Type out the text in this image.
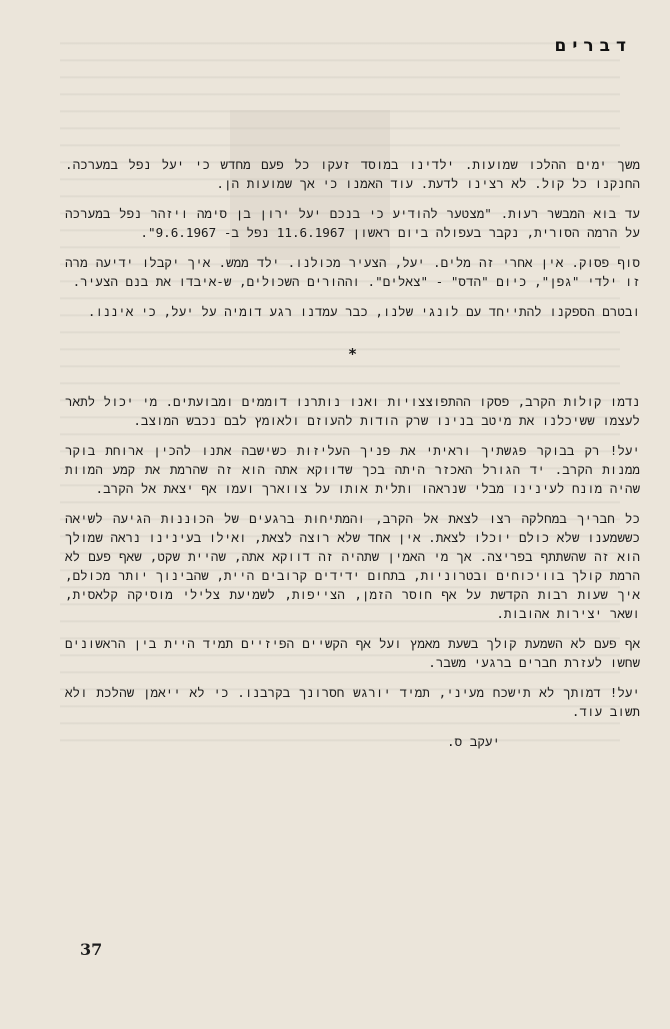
דברים

משך ימים ההלכו שמועות. ילדינו במוסד זעקו כל פעם מחדש כי יעל נפל במערכה. החנקנו כל קול. לא רצינו לדעת. עוד האמנו כי אך שמועות הן.

עד בוא המבשר רעות. "מצטער להודיע כי בנכם יעל ירון בן סימה ויזהר נפל במערכה על הרמה הסורית, נקבר בעפולה ביום ראשון 11.6.1967 נפל ב- 9.6.1967".

סוף פסוק. אין אחרי זה מלים. יעל, הצעיר מכולנו. ילד ממש. איך יקבלו ידיעה מרה זו ילדי "גפן", כיום "הדס" - "צאלים". וההורים השכולים, ש-איבדו את בנם הצעיר.

ובטרם הספקנו להתייחד עם לונגי שלנו, כבר עמדנו רגע דומיה על יעל, כי איננו.

*

נדמו קולות הקרב, פסקו ההתפוצצויות ואנו נותרנו דוממים ומבועתים. מי יכול לתאר לעצמו ששיכלנו את מיטב בנינו שרק הודות להעוזם ולאומץ לבם נכבש המוצב.

יעל! רק בבוקר פגשתיך וראיתי את פניך העליזות כשישבה אתנו להכין ארוחת בוקר ממנות הקרב. יד הגורל האכזר היתה בכך שדווקא אתה הוא זה שהרמת את קמע המוות שהיה מונח לעינינו מבלי שנראהו ותלית אותו על צווארך ועמו אף יצאת אל הקרב.

כל חבריך במחלקה רצו לצאת אל הקרב, והמתיחות ברגעים של הכוננות הגיעה לשיאה כששמענו שלא כולם יוכלו לצאת. אין אחד שלא רוצה לצאת, ואילו בעינינו נראה שמולך הוא זה שהשתתף בפריצה. אך מי האמין שתהיה זה דווקא אתה, שהיית שקט, שאף פעם לא הרמת קולך בוויכוחים ובטרוניות, בתחום ידידים קרובים היית, שהבינוך יותר מכולם, איך שעות רבות הקדשת על אף חוסר הזמן, הצייפות, לשמיעת צלילי מוסיקה קלאסית, ושאר יצירות אהובות.

אף פעם לא השמעת קולך בשעת מאמץ ועל אף הקשיים הפיזיים תמיד היית בין הראשונים שחשו לעזרת חברים ברגעי משבר.

יעל! דמותך לא תישכח מעיני, תמיד יורגש חסרונך בקרבנו. כי לא ייאמן שהלכת ולא תשוב עוד.

יעקב ס.

37
